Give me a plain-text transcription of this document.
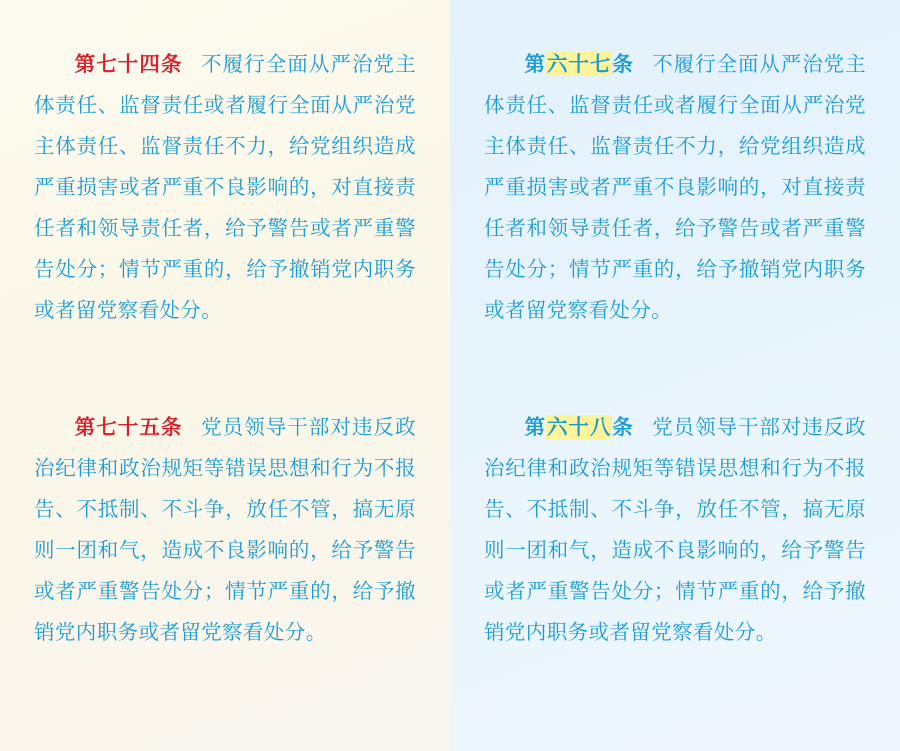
第七十四条 不履行全面从严治党主体责任、监督责任或者履行全面从严治党主体责任、监督责任不力，给党组织造成严重损害或者严重不良影响的，对直接责任者和领导责任者，给予警告或者严重警告处分；情节严重的，给予撤销党内职务或者留党察看处分。

第七十五条 党员领导干部对违反政治纪律和政治规矩等错误思想和行为不报告、不抵制、不斗争，放任不管，搞无原则一团和气，造成不良影响的，给予警告或者严重警告处分；情节严重的，给予撤销党内职务或者留党察看处分。

第六十七条 不履行全面从严治党主体责任、监督责任或者履行全面从严治党主体责任、监督责任不力，给党组织造成严重损害或者严重不良影响的，对直接责任者和领导责任者，给予警告或者严重警告处分；情节严重的，给予撤销党内职务或者留党察看处分。

第六十八条 党员领导干部对违反政治纪律和政治规矩等错误思想和行为不报告、不抵制、不斗争，放任不管，搞无原则一团和气，造成不良影响的，给予警告或者严重警告处分；情节严重的，给予撤销党内职务或者留党察看处分。
